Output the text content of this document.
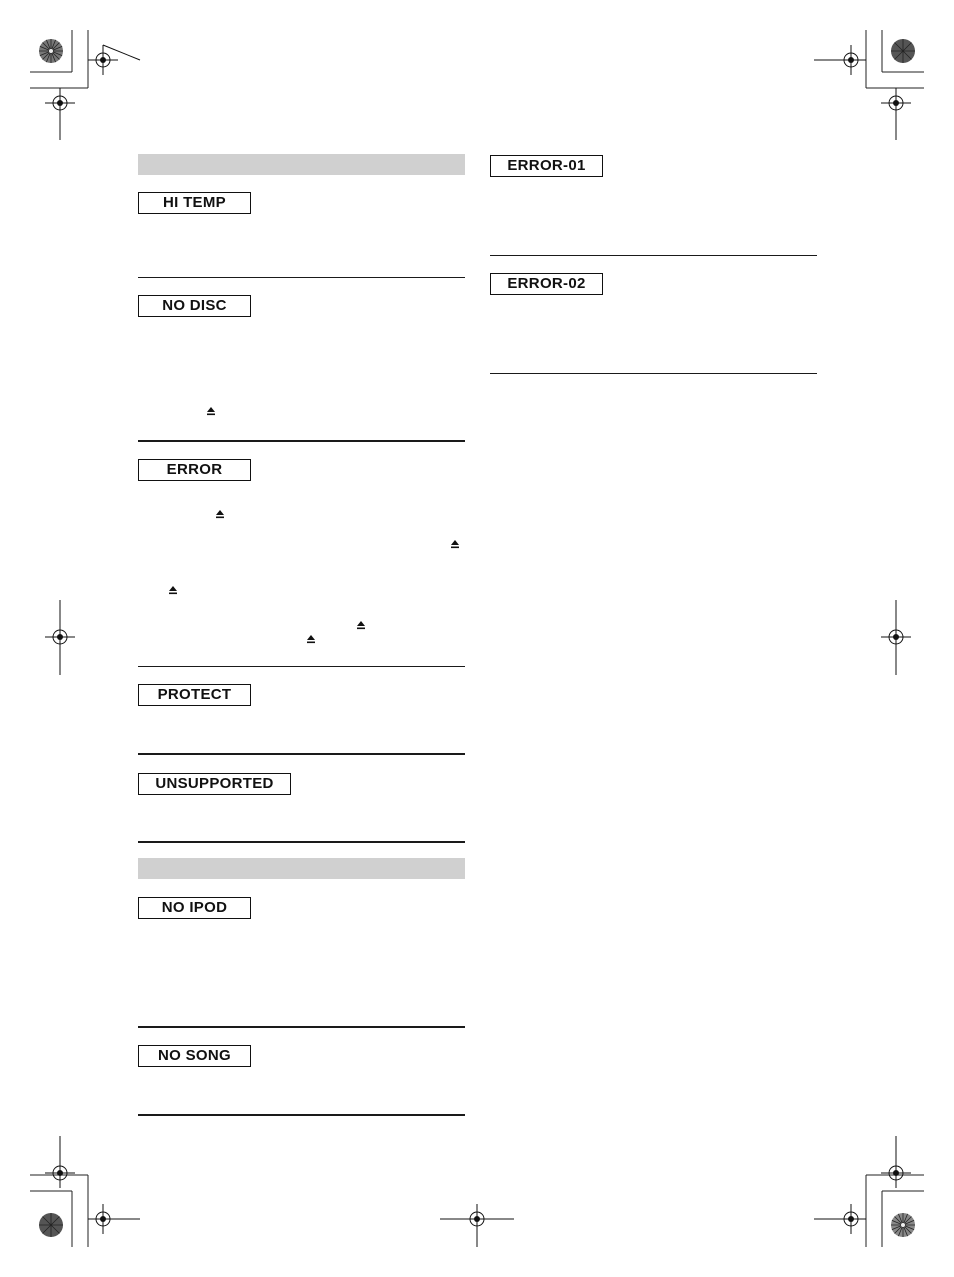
HI TEMP
NO DISC
ERROR
PROTECT
UNSUPPORTED
NO IPOD
NO SONG
ERROR-01
ERROR-02
